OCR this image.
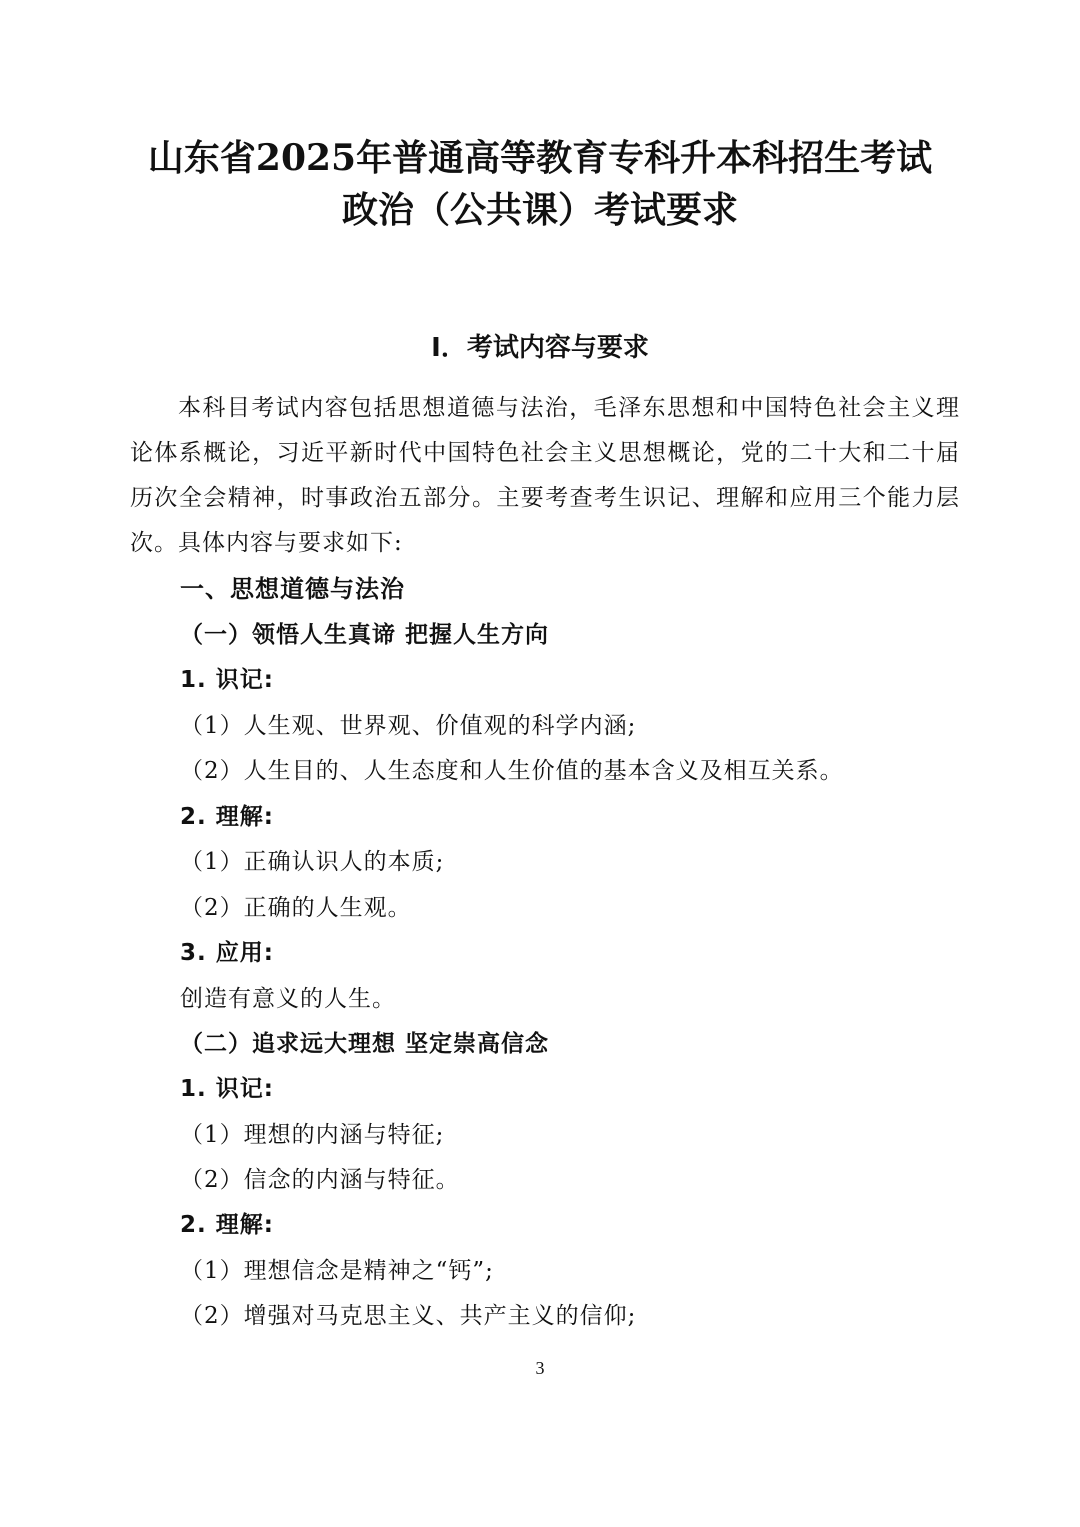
山东省2025年普通高等教育专科升本科招生考试
政治（公共课）考试要求
I．考试内容与要求
本科目考试内容包括思想道德与法治，毛泽东思想和中国特色社会主义理论体系概论，习近平新时代中国特色社会主义思想概论，党的二十大和二十届历次全会精神，时事政治五部分。主要考查考生识记、理解和应用三个能力层次。具体内容与要求如下:
一、思想道德与法治
（一）领悟人生真谛 把握人生方向
1. 识记:
（1）人生观、世界观、价值观的科学内涵;
（2）人生目的、人生态度和人生价值的基本含义及相互关系。
2. 理解:
（1）正确认识人的本质;
（2）正确的人生观。
3. 应用:
创造有意义的人生。
（二）追求远大理想 坚定崇高信念
1. 识记:
（1）理想的内涵与特征;
（2）信念的内涵与特征。
2. 理解:
（1）理想信念是精神之“钙”;
（2）增强对马克思主义、共产主义的信仰;
3
